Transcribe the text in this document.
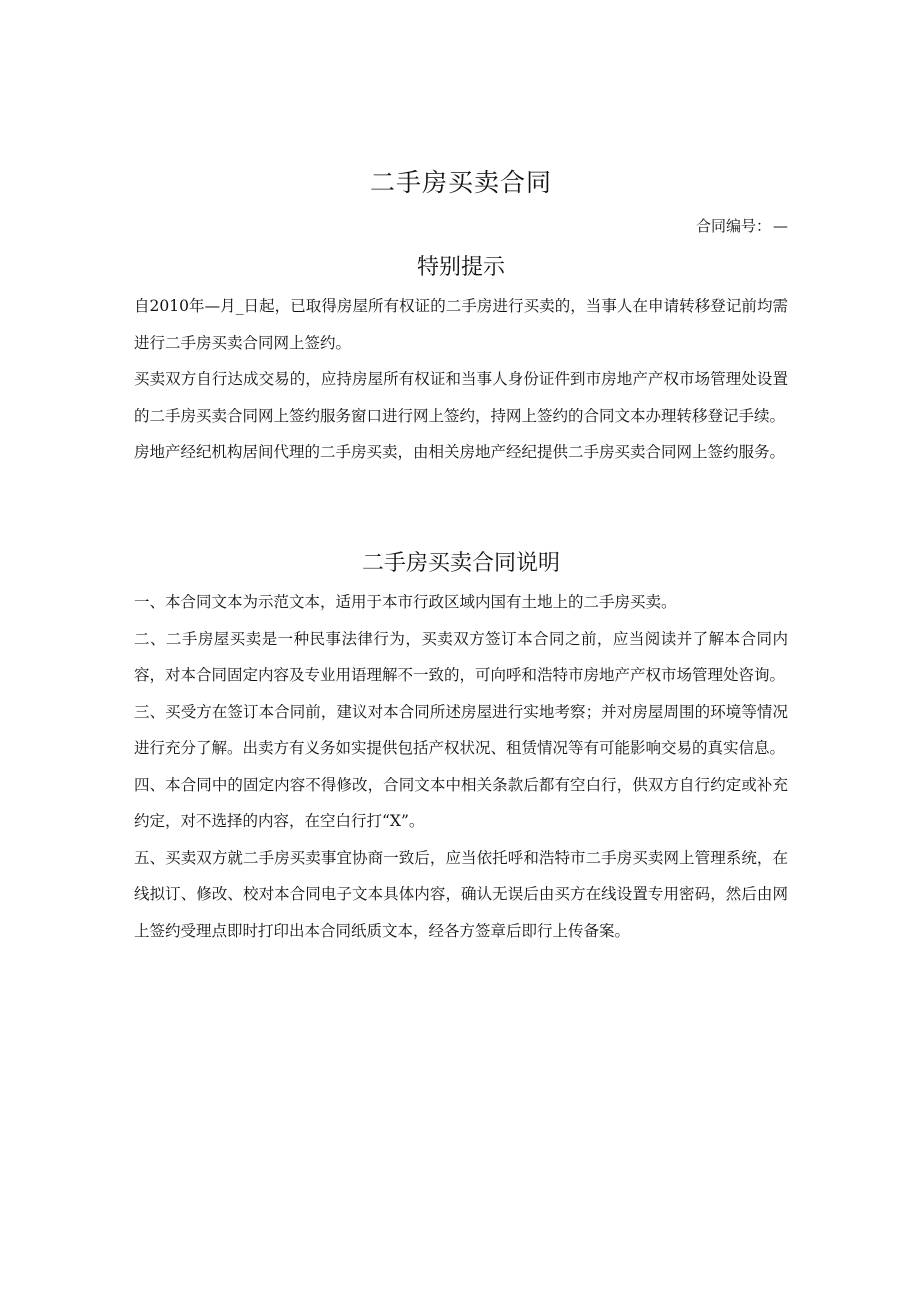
二手房买卖合同
合同编号： —
特别提示

自2010年—月_日起，已取得房屋所有权证的二手房进行买卖的，当事人在申请转移登记前均需进行二手房买卖合同网上签约。

买卖双方自行达成交易的，应持房屋所有权证和当事人身份证件到市房地产产权市场管理处设置的二手房买卖合同网上签约服务窗口进行网上签约，持网上签约的合同文本办理转移登记手续。

房地产经纪机构居间代理的二手房买卖，由相关房地产经纪提供二手房买卖合同网上签约服务。

二手房买卖合同说明

一、本合同文本为示范文本，适用于本市行政区域内国有土地上的二手房买卖。

二、二手房屋买卖是一种民事法律行为，买卖双方签订本合同之前，应当阅读并了解本合同内容，对本合同固定内容及专业用语理解不一致的，可向呼和浩特市房地产产权市场管理处咨询。

三、买受方在签订本合同前，建议对本合同所述房屋进行实地考察；并对房屋周围的环境等情况进行充分了解。出卖方有义务如实提供包括产权状况、租赁情况等有可能影响交易的真实信息。

四、本合同中的固定内容不得修改，合同文本中相关条款后都有空白行，供双方自行约定或补充约定，对不选择的内容，在空白行打“X”。

五、买卖双方就二手房买卖事宜协商一致后，应当依托呼和浩特市二手房买卖网上管理系统，在线拟订、修改、校对本合同电子文本具体内容，确认无误后由买方在线设置专用密码，然后由网上签约受理点即时打印出本合同纸质文本，经各方签章后即行上传备案。
